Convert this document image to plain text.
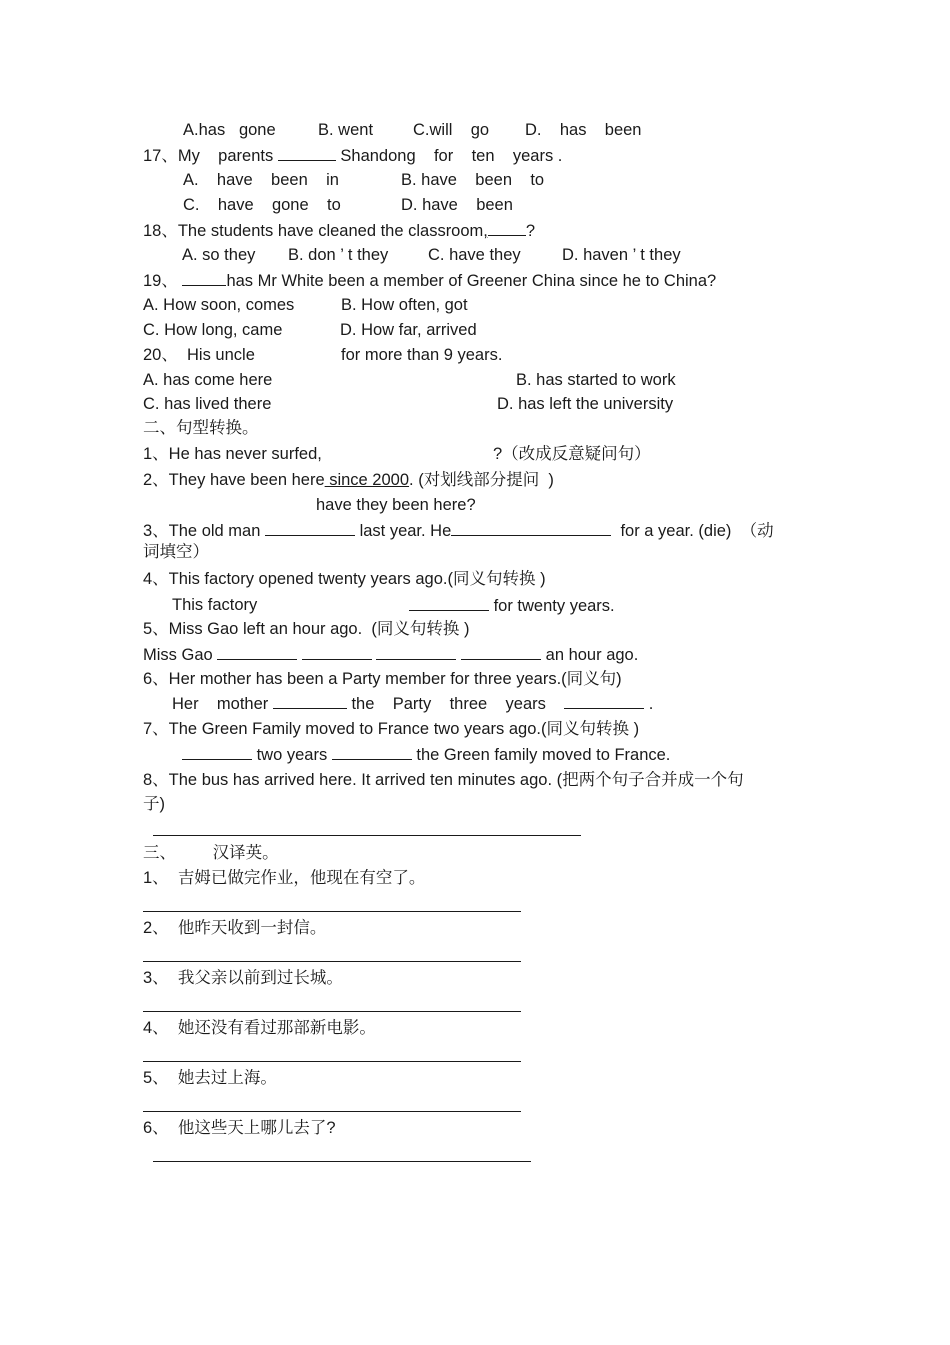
A.has   gone	B. went C.will    go D.    has    been
17、My    parents	Shandong    for    ten    years .
A.    have    been    in	B. have    been    to
C.    have    gone    to	D. have    been
18、The students have cleaned the classroom, ?
A. so they B. don ’ t they C. have they	D. haven ’ t they
19、	has Mr White been a member of Greener China since he to China?
A. How soon, comes	B. How often, got
C. How long, came	D. How far, arrived
20、  His uncle	for more than 9 years.
A. has come here	B. has started to work
C. has lived there	D. has left the university
二、句型转换。
1、He has never surfed,	?（改成反意疑问句）
2、They have been here since 2000. (对划线部分提问  )
have they been here?
3、The old man	last year. He	for a year. (die)  （动
词填空）
4、This factory opened twenty years ago.(同义句转换 )
This factory	for twenty years.
5、Miss Gao left an hour ago.  (同义句转换 )
Miss Gao	an hour ago.
6、Her mother has been a Party member for three years.(同义句)
Her    mother	the    Party    three    years	.
7、The Green Family moved to France two years ago.(同义句转换 )
two years	the Green family moved to France.
8、The bus has arrived here. It arrived ten minutes ago. (把两个句子合并成一个句
子)
三、        汉译英。
1、  吉姆已做完作业，他现在有空了。
2、  他昨天收到一封信。
3、  我父亲以前到过长城。
4、  她还没有看过那部新电影。
5、  她去过上海。
6、  他这些天上哪儿去了?
